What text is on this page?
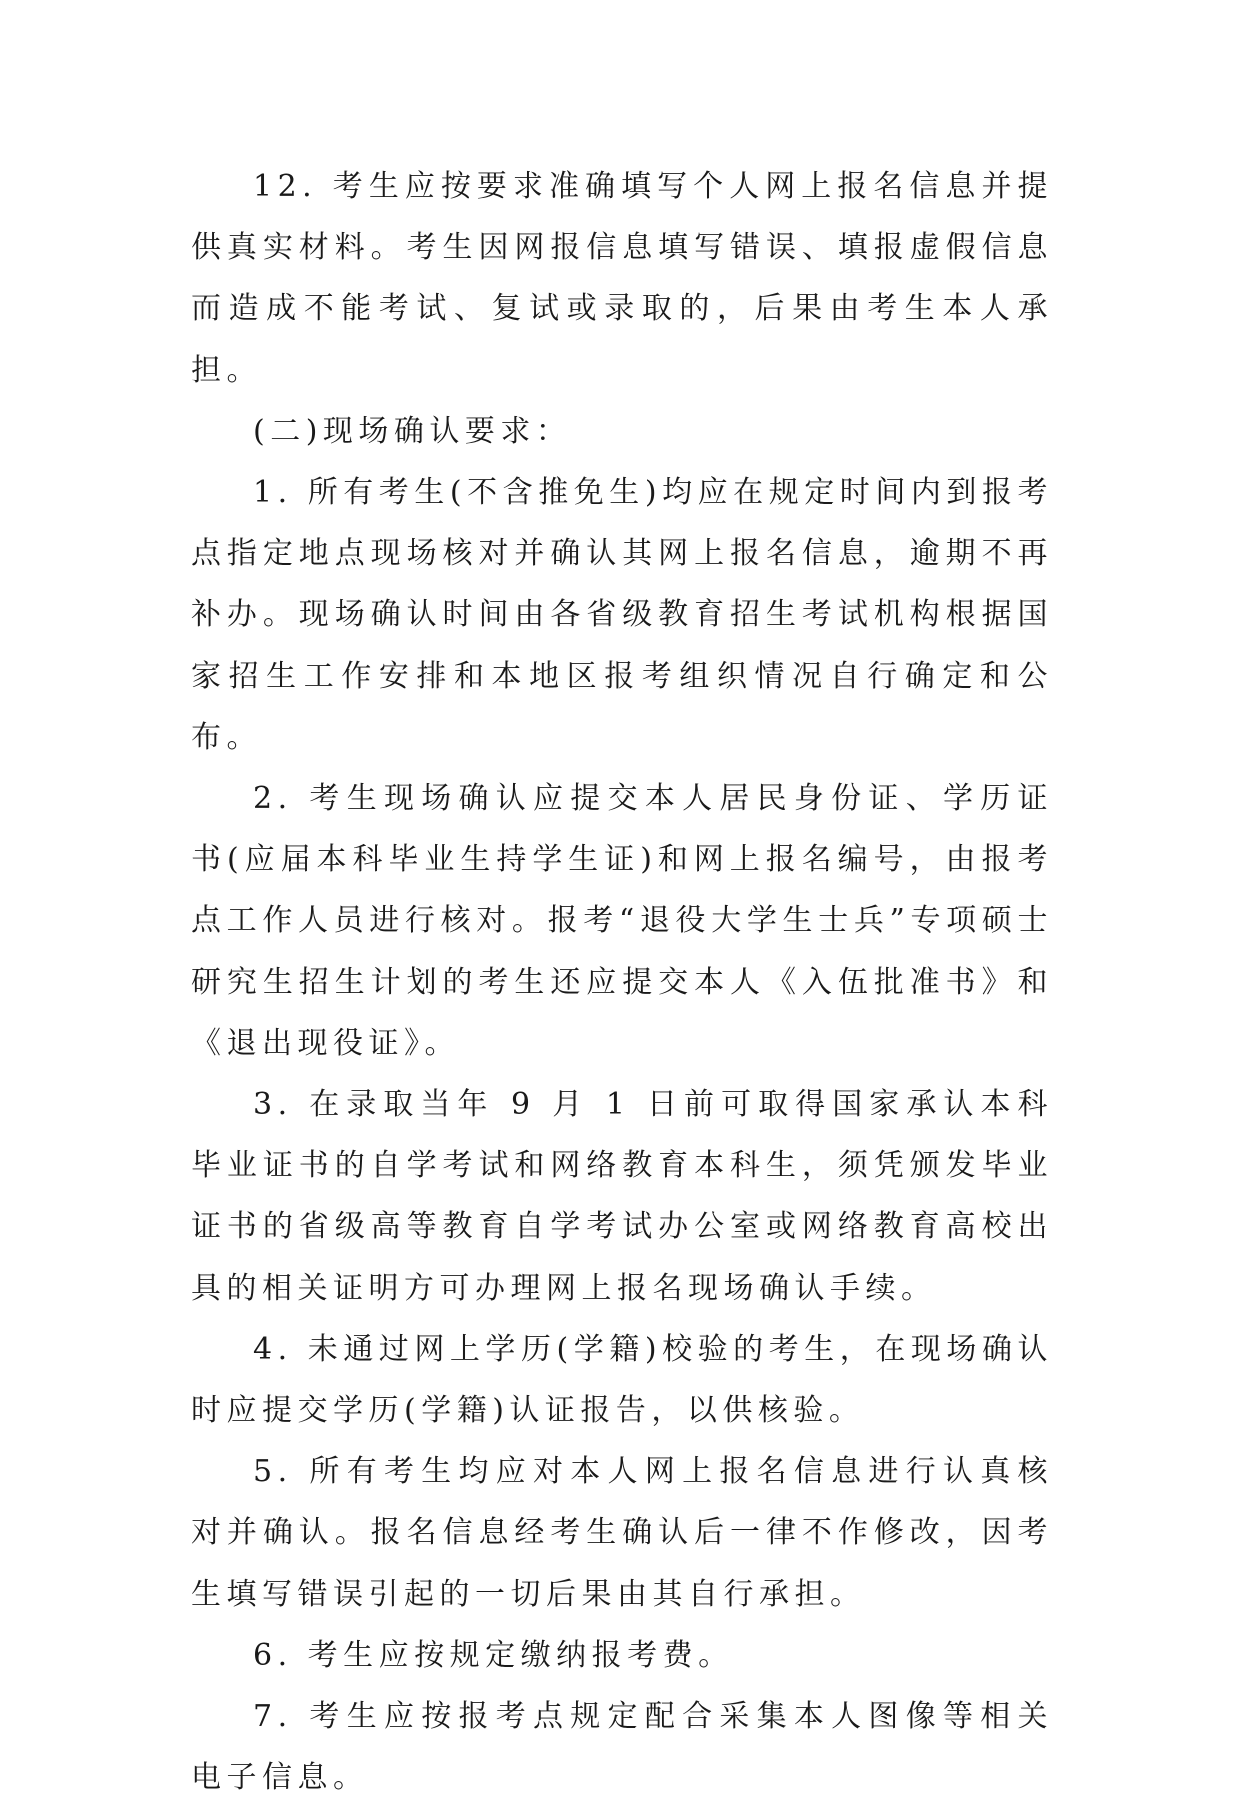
12. 考生应按要求准确填写个人网上报名信息并提供真实材料。考生因网报信息填写错误、填报虚假信息而造成不能考试、复试或录取的，后果由考生本人承担。

(二)现场确认要求：

1. 所有考生(不含推免生)均应在规定时间内到报考点指定地点现场核对并确认其网上报名信息，逾期不再补办。现场确认时间由各省级教育招生考试机构根据国家招生工作安排和本地区报考组织情况自行确定和公布。

2. 考生现场确认应提交本人居民身份证、学历证书(应届本科毕业生持学生证)和网上报名编号，由报考点工作人员进行核对。报考“退役大学生士兵”专项硕士研究生招生计划的考生还应提交本人《入伍批准书》和《退出现役证》。

3. 在录取当年 9 月 1 日前可取得国家承认本科毕业证书的自学考试和网络教育本科生，须凭颁发毕业证书的省级高等教育自学考试办公室或网络教育高校出具的相关证明方可办理网上报名现场确认手续。

4. 未通过网上学历(学籍)校验的考生，在现场确认时应提交学历(学籍)认证报告，以供核验。

5. 所有考生均应对本人网上报名信息进行认真核对并确认。报名信息经考生确认后一律不作修改，因考生填写错误引起的一切后果由其自行承担。

6. 考生应按规定缴纳报考费。

7. 考生应按报考点规定配合采集本人图像等相关电子信息。
